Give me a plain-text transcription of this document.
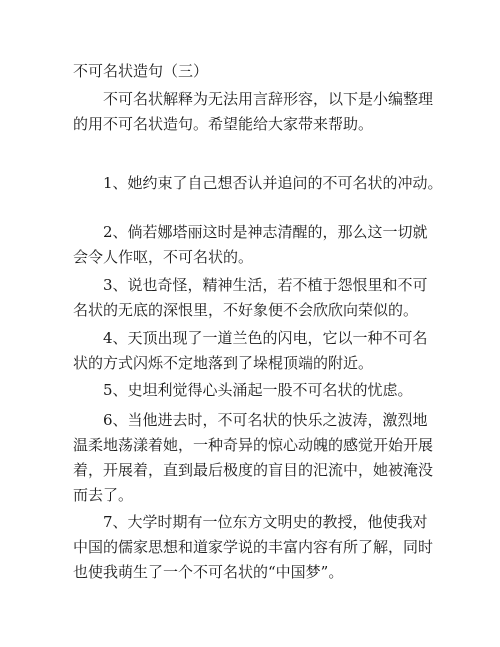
不可名状造句（三）

不可名状解释为无法用言辞形容，以下是小编整理
的用不可名状造句。希望能给大家带来帮助。

1、她约束了自己想否认并追问的不可名状的冲动。

2、倘若娜塔丽这时是神志清醒的，那么这一切就
会令人作呕，不可名状的。

3、说也奇怪，精神生活，若不植于怨恨里和不可
名状的无底的深恨里，不好象便不会欣欣向荣似的。

4、天顶出现了一道兰色的闪电，它以一种不可名
状的方式闪烁不定地落到了垛棍顶端的附近。

5、史坦利觉得心头涌起一股不可名状的忧虑。

6、当他进去时，不可名状的快乐之波涛，激烈地
温柔地荡漾着她，一种奇异的惊心动魄的感觉开始开展
着，开展着，直到最后极度的盲目的汜流中，她被淹没
而去了。

7、大学时期有一位东方文明史的教授，他使我对
中国的儒家思想和道家学说的丰富内容有所了解，同时
也使我萌生了一个不可名状的“中国梦”。
